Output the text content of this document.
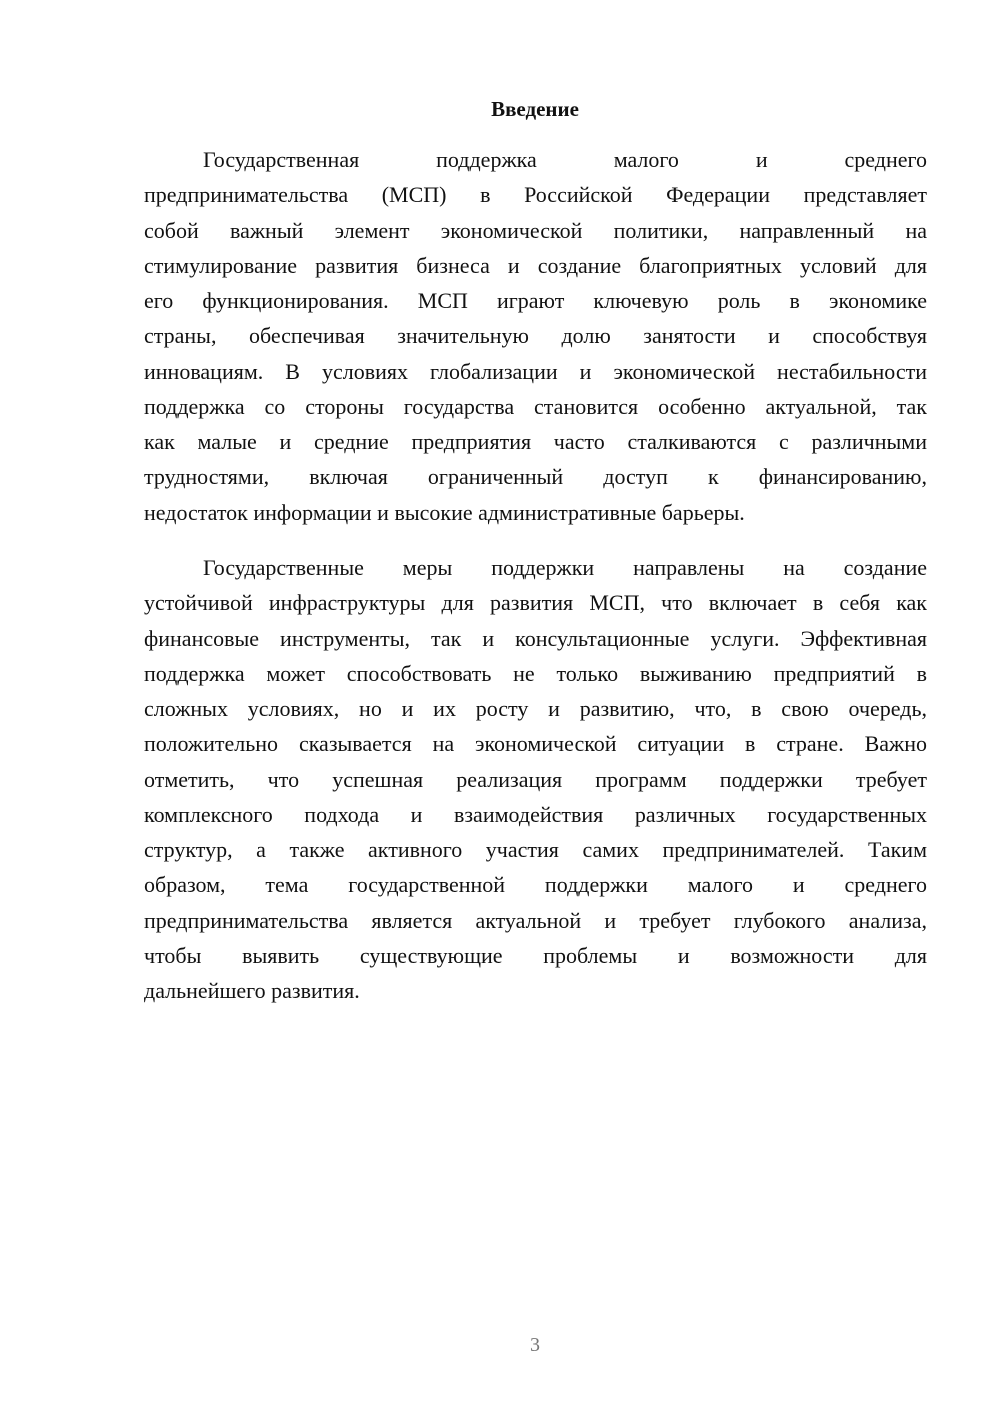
Введение
Государственная поддержка малого и среднего
предпринимательства (МСП) в Российской Федерации представляет
собой важный элемент экономической политики, направленный на
стимулирование развития бизнеса и создание благоприятных условий для
его функционирования. МСП играют ключевую роль в экономике
страны, обеспечивая значительную долю занятости и способствуя
инновациям. В условиях глобализации и экономической нестабильности
поддержка со стороны государства становится особенно актуальной, так
как малые и средние предприятия часто сталкиваются с различными
трудностями, включая ограниченный доступ к финансированию,
недостаток информации и высокие административные барьеры.
Государственные меры поддержки направлены на создание
устойчивой инфраструктуры для развития МСП, что включает в себя как
финансовые инструменты, так и консультационные услуги. Эффективная
поддержка может способствовать не только выживанию предприятий в
сложных условиях, но и их росту и развитию, что, в свою очередь,
положительно сказывается на экономической ситуации в стране. Важно
отметить, что успешная реализация программ поддержки требует
комплексного подхода и взаимодействия различных государственных
структур, а также активного участия самих предпринимателей. Таким
образом, тема государственной поддержки малого и среднего
предпринимательства является актуальной и требует глубокого анализа,
чтобы выявить существующие проблемы и возможности для
дальнейшего развития.
3
